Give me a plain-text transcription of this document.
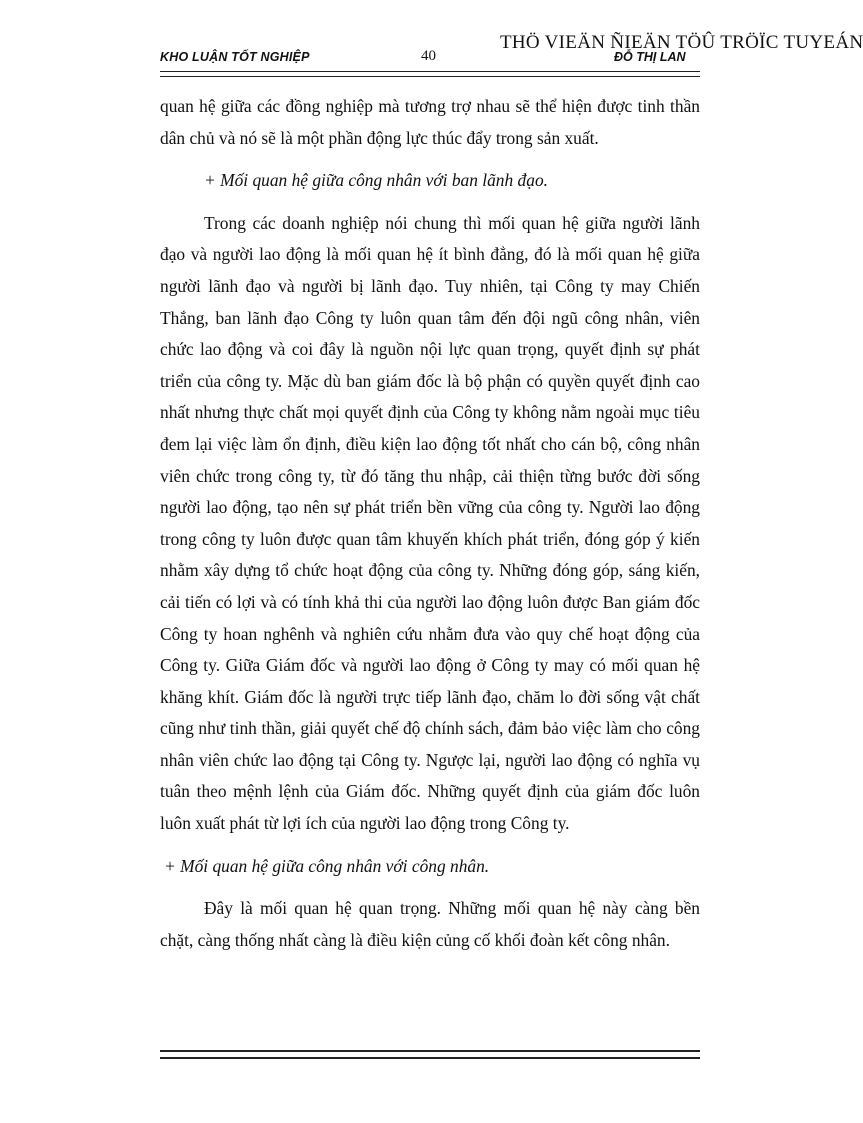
THÖ VIEÄN ÑIEÄN TÖÛ TRÖÏC TUYEÁN
KHO LUẬN TỐT NGHIỆP	40	ĐỖ THỊ LAN

quan hệ giữa các đồng nghiệp mà tương trợ nhau sẽ thể hiện được tinh thần dân chủ và nó sẽ là một phần động lực thúc đẩy trong sản xuất.

+ Mối quan hệ giữa công nhân với ban lãnh đạo.

Trong các doanh nghiệp nói chung thì mối quan hệ giữa người lãnh đạo và người lao động là mối quan hệ ít bình đẳng, đó là mối quan hệ giữa người lãnh đạo và người bị lãnh đạo. Tuy nhiên, tại Công ty may Chiến Thắng, ban lãnh đạo Công ty luôn quan tâm đến đội ngũ công nhân, viên chức lao động và coi đây là nguồn nội lực quan trọng, quyết định sự phát triển của công ty. Mặc dù ban giám đốc là bộ phận có quyền quyết định cao nhất nhưng thực chất mọi quyết định của Công ty không nằm ngoài mục tiêu đem lại việc làm ổn định, điều kiện lao động tốt nhất cho cán bộ, công nhân viên chức trong công ty, từ đó tăng thu nhập, cải thiện từng bước đời sống người lao động, tạo nên sự phát triển bền vững của công ty. Người lao động trong công ty luôn được quan tâm khuyến khích phát triển, đóng góp ý kiến nhằm xây dựng tổ chức hoạt động của công ty. Những đóng góp, sáng kiến, cải tiến có lợi và có tính khả thi của người lao động luôn được Ban giám đốc Công ty hoan nghênh và nghiên cứu nhằm đưa vào quy chế hoạt động của Công ty. Giữa Giám đốc và người lao động ở Công ty may có mối quan hệ khăng khít. Giám đốc là người trực tiếp lãnh đạo, chăm lo đời sống vật chất cũng như tinh thần, giải quyết chế độ chính sách, đảm bảo việc làm cho công nhân viên chức lao động tại Công ty. Ngược lại, người lao động có nghĩa vụ tuân theo mệnh lệnh của Giám đốc. Những quyết định của giám đốc luôn luôn xuất phát từ lợi ích của người lao động trong Công ty.

+ Mối quan hệ giữa công nhân với công nhân.

Đây là mối quan hệ quan trọng. Những mối quan hệ này càng bền chặt, càng thống nhất càng là điều kiện củng cố khối đoàn kết công nhân.
